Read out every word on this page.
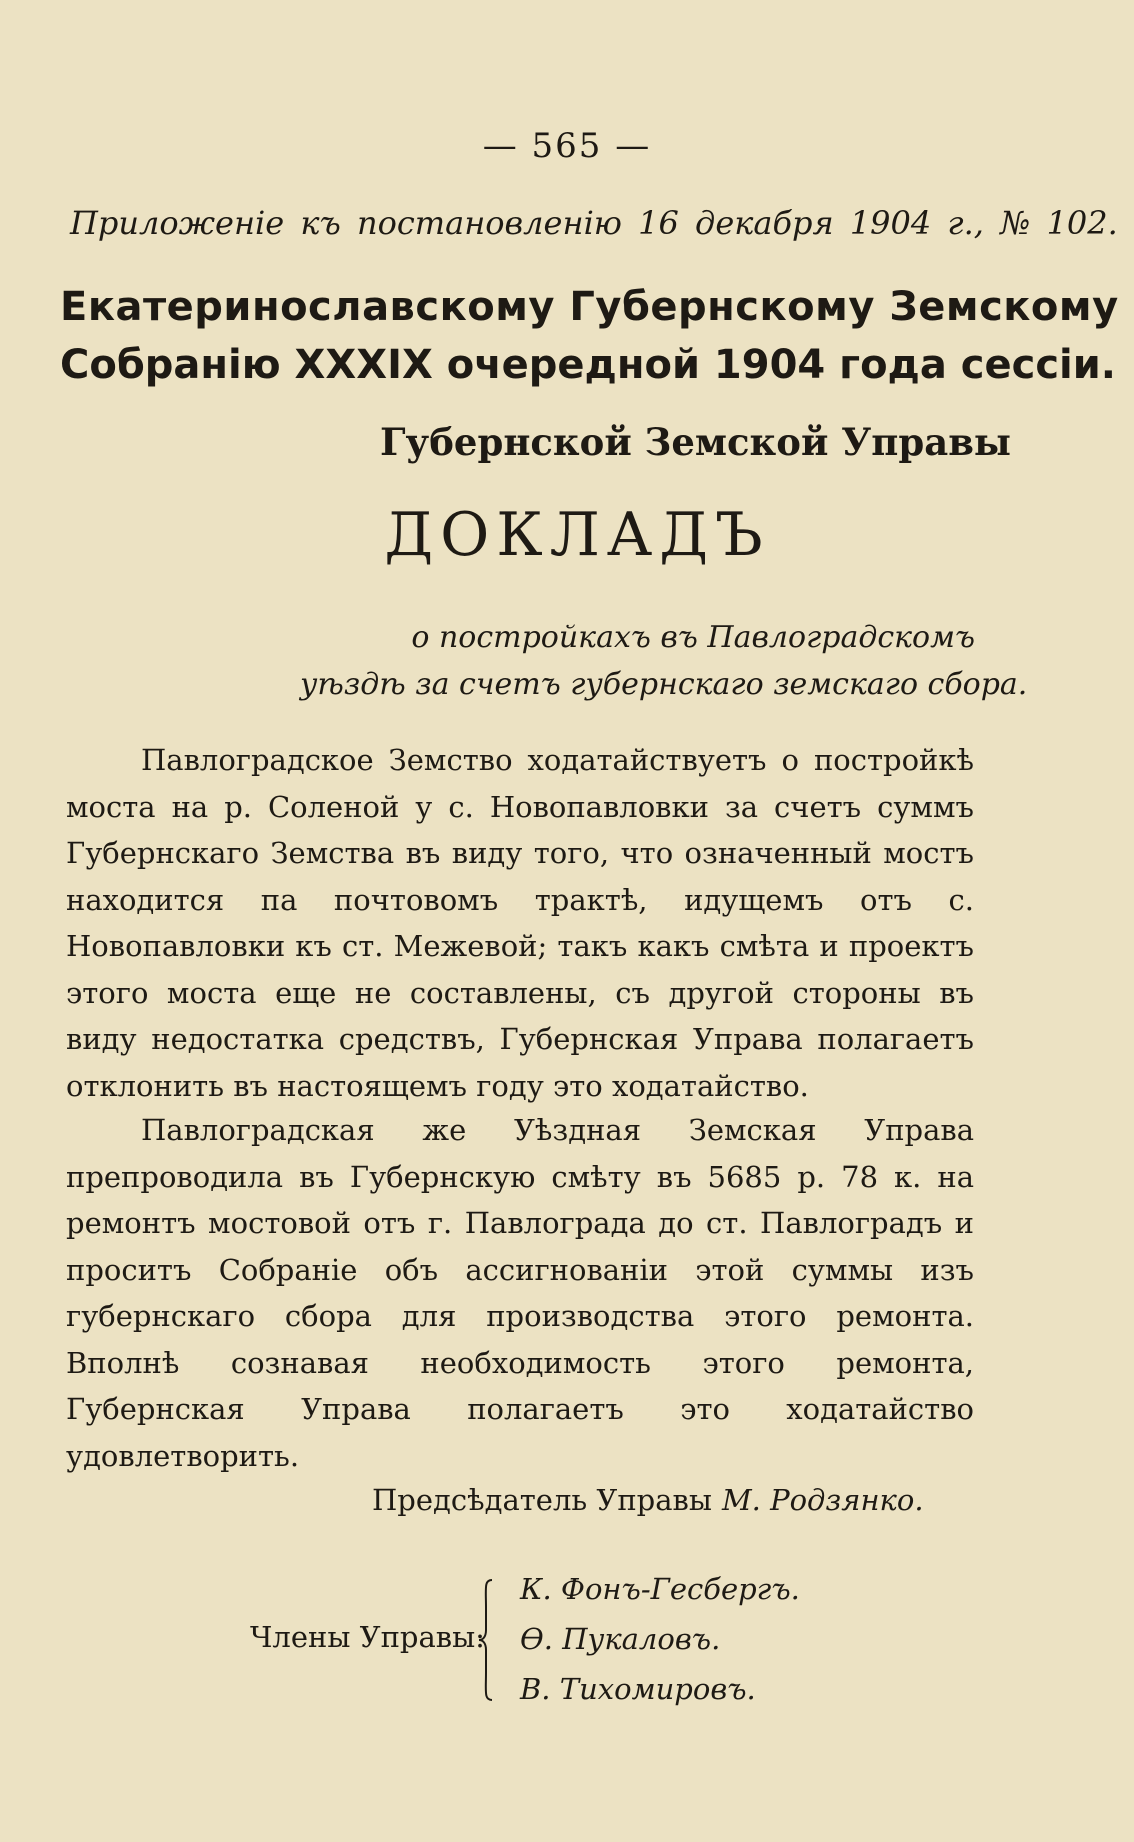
— 565 —
Приложеніе къ постановленію 16 декабря 1904 г., № 102.
Екатеринославскому Губернскому Земскому
Собранію XXXIX очередной 1904 года сессіи.
Губернской Земской Управы
ДОКЛАДЪ
о постройкахъ въ Павлоградскомъ
уѣздѣ за счетъ губернскаго земскаго сбора.

Павлоградское Земство ходатайствуетъ о постройкѣ моста на р. Соленой у с. Новопавловки за счетъ суммъ Губернскаго Земства въ виду того, что означенный мостъ находится па почтовомъ трактѣ, идущемъ отъ с. Новопавловки къ ст. Межевой; такъ какъ смѣта и проектъ этого моста еще не составлены, съ другой стороны въ виду недостатка средствъ, Губернская Управа полагаетъ отклонить въ настоящемъ году это ходатайство.

Павлоградская же Уѣздная Земская Управа препроводила въ Губернскую смѣту въ 5685 р. 78 к. на ремонтъ мостовой отъ г. Павлограда до ст. Павлоградъ и проситъ Собраніе объ ассигнованіи этой суммы изъ губернскаго сбора для производства этого ремонта. Вполнѣ сознавая необходимость этого ремонта, Губернская Управа полагаетъ это ходатайство удовлетворить.

Предсѣдатель Управы М. Родзянко.
Члены Управы:
К. Фонъ-Гесбергъ.
Ѳ. Пукаловъ.
В. Тихомировъ.
